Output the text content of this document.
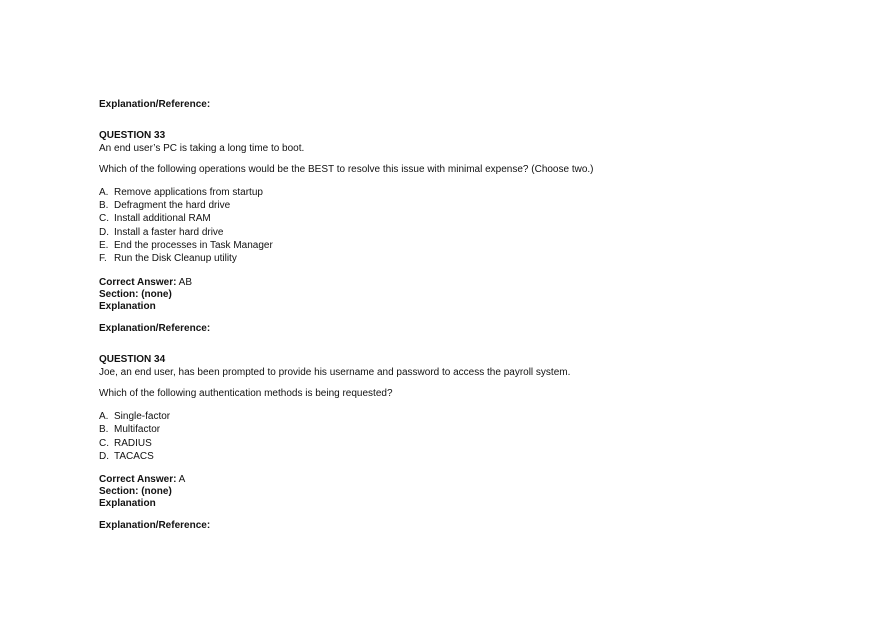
Explanation/Reference:
QUESTION 33
An end user’s PC is taking a long time to boot.
Which of the following operations would be the BEST to resolve this issue with minimal expense? (Choose two.)
A. Remove applications from startup
B. Defragment the hard drive
C. Install additional RAM
D. Install a faster hard drive
E. End the processes in Task Manager
F. Run the Disk Cleanup utility
Correct Answer: AB
Section: (none)
Explanation
Explanation/Reference:
QUESTION 34
Joe, an end user, has been prompted to provide his username and password to access the payroll system.
Which of the following authentication methods is being requested?
A. Single-factor
B. Multifactor
C. RADIUS
D. TACACS
Correct Answer: A
Section: (none)
Explanation
Explanation/Reference:
